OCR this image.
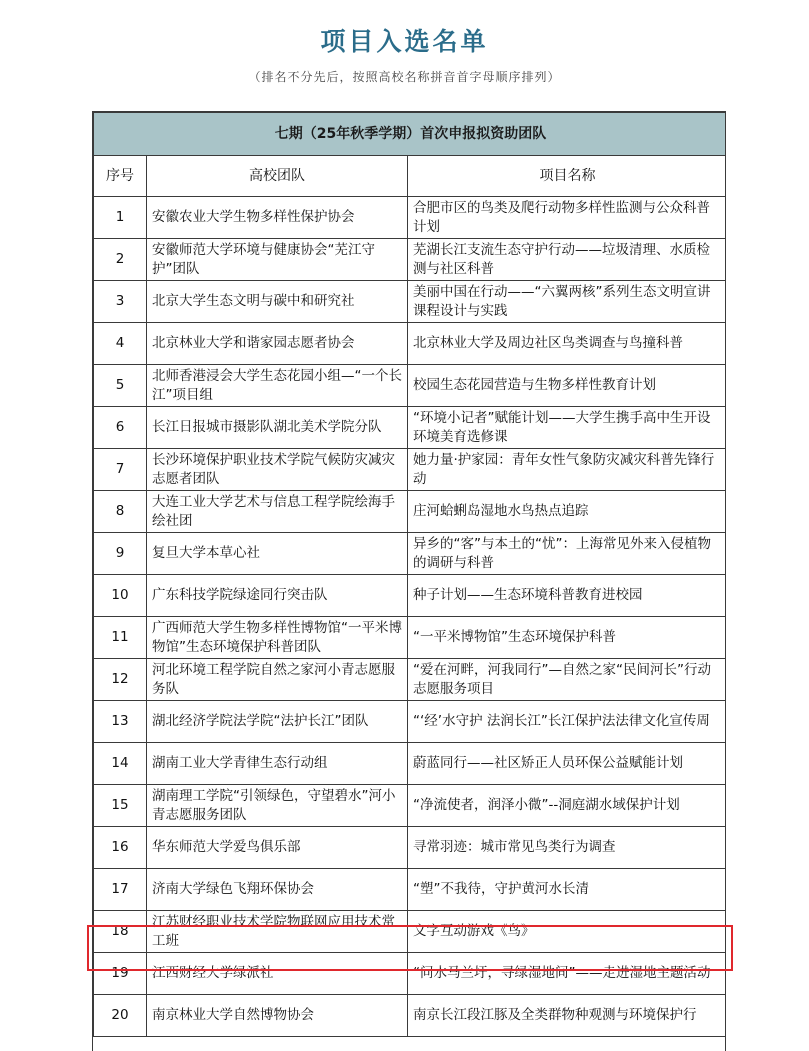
项目入选名单
（排名不分先后，按照高校名称拼音首字母顺序排列）
七期（25年秋季学期）首次申报拟资助团队		
序号	高校团队	项目名称
1	安徽农业大学生物多样性保护协会	合肥市区的鸟类及爬行动物多样性监测与公众科普计划
2	安徽师范大学环境与健康协会“芜江守护”团队	芜湖长江支流生态守护行动——垃圾清理、水质检测与社区科普
3	北京大学生态文明与碳中和研究社	美丽中国在行动——“六翼两核”系列生态文明宣讲课程设计与实践
4	北京林业大学和谐家园志愿者协会	北京林业大学及周边社区鸟类调查与鸟撞科普
5	北师香港浸会大学生态花园小组—“一个长江”项目组	校园生态花园营造与生物多样性教育计划
6	长江日报城市摄影队湖北美术学院分队	“环境小记者”赋能计划——大学生携手高中生开设环境美育选修课
7	长沙环境保护职业技术学院气候防灾减灾志愿者团队	她力量·护家园：青年女性气象防灾减灾科普先锋行动
8	大连工业大学艺术与信息工程学院绘海手绘社团	庄河蛤蜊岛湿地水鸟热点追踪
9	复旦大学本草心社	异乡的“客”与本土的“忧”：上海常见外来入侵植物的调研与科普
10	广东科技学院绿途同行突击队	种子计划——生态环境科普教育进校园
11	广西师范大学生物多样性博物馆“一平米博物馆”生态环境保护科普团队	“一平米博物馆”生态环境保护科普
12	河北环境工程学院自然之家河小青志愿服务队	“爱在河畔，河我同行”—自然之家“民间河长”行动志愿服务项目
13	湖北经济学院法学院“法护长江”团队	“‘经’水守护 法润长江”长江保护法法律文化宣传周
14	湖南工业大学青律生态行动组	蔚蓝同行——社区矫正人员环保公益赋能计划
15	湖南理工学院“引领绿色，守望碧水”河小青志愿服务团队	“净流使者，润泽小微”--洞庭湖水域保护计划
16	华东师范大学爱鸟俱乐部	寻常羽迹：城市常见鸟类行为调查
17	济南大学绿色飞翔环保协会	“塑”不我待，守护黄河水长清
18	江苏财经职业技术学院物联网应用技术常工班	文字互动游戏《鸟》
19	江西财经大学绿派社	“问水马兰圩，寻绿湿地间”——走进湿地主题活动
20	南京林业大学自然博物协会	南京长江段江豚及全类群物种观测与环境保护行
